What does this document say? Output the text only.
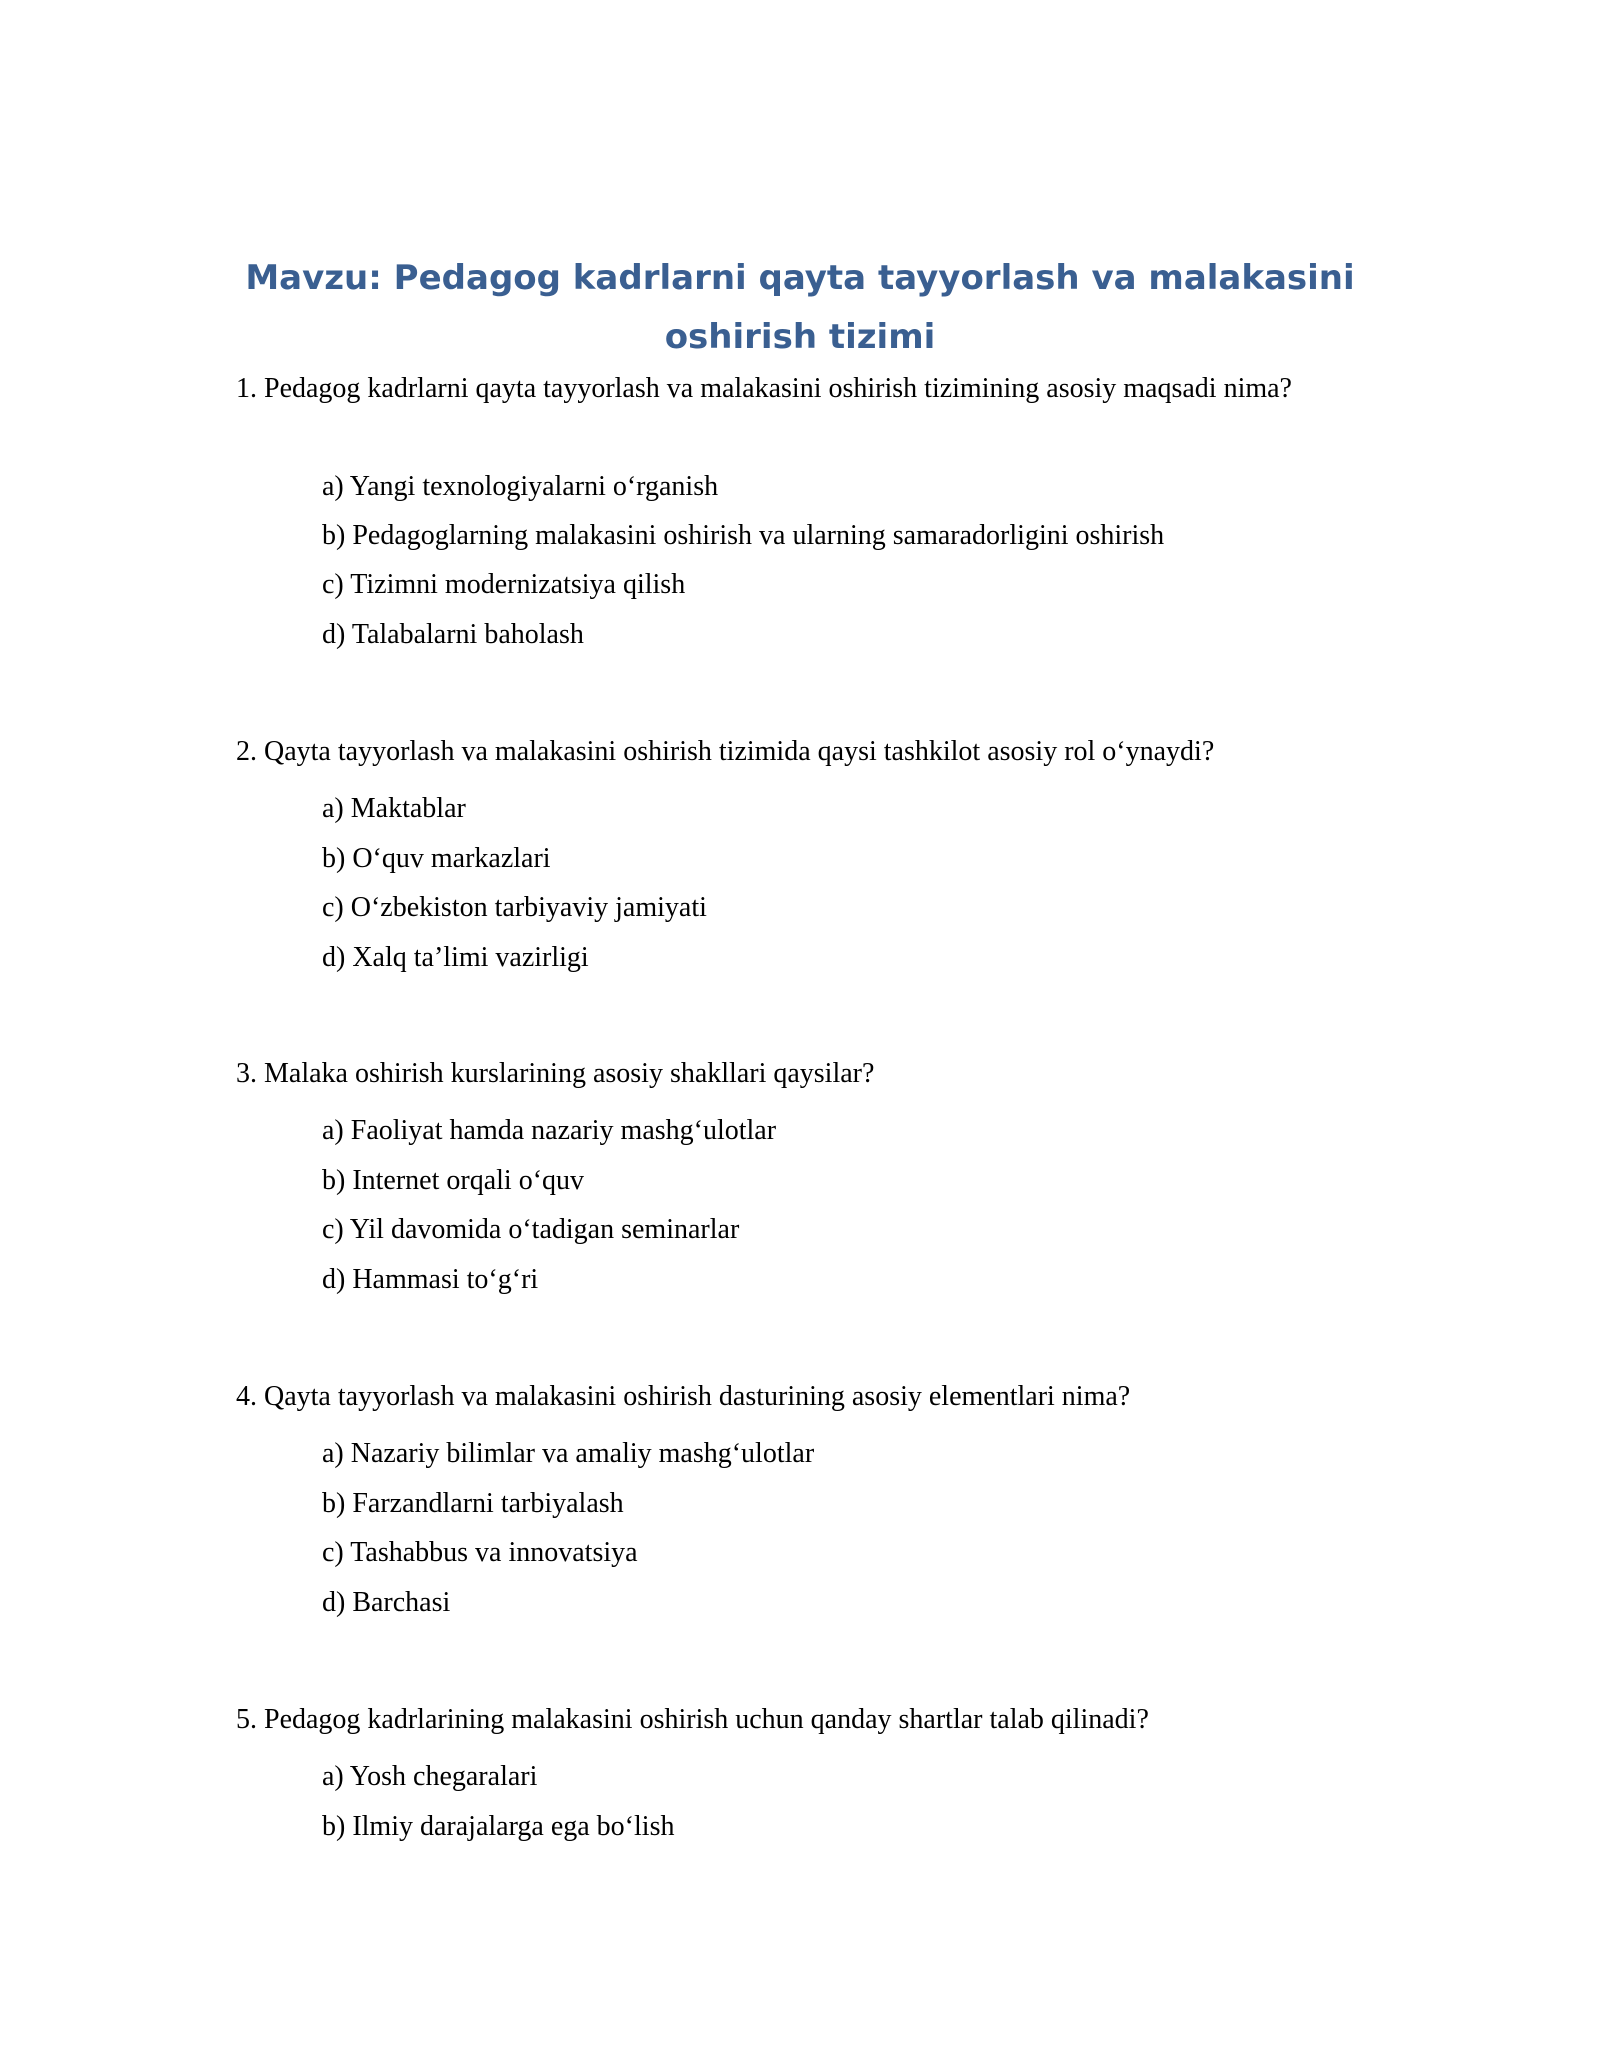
Mavzu: Pedagog kadrlarni qayta tayyorlash va malakasini
oshirish tizimi

1. Pedagog kadrlarni qayta tayyorlash va malakasini oshirish tizimining asosiy maqsadi nima?

a) Yangi texnologiyalarni o‘rganish

b) Pedagoglarning malakasini oshirish va ularning samaradorligini oshirish

c) Tizimni modernizatsiya qilish

d) Talabalarni baholash

2. Qayta tayyorlash va malakasini oshirish tizimida qaysi tashkilot asosiy rol o‘ynaydi?

a) Maktablar

b) O‘quv markazlari

c) O‘zbekiston tarbiyaviy jamiyati

d) Xalq ta’limi vazirligi

3. Malaka oshirish kurslarining asosiy shakllari qaysilar?

a) Faoliyat hamda nazariy mashg‘ulotlar

b) Internet orqali o‘quv

c) Yil davomida o‘tadigan seminarlar

d) Hammasi to‘g‘ri

4. Qayta tayyorlash va malakasini oshirish dasturining asosiy elementlari nima?

a) Nazariy bilimlar va amaliy mashg‘ulotlar

b) Farzandlarni tarbiyalash

c) Tashabbus va innovatsiya

d) Barchasi

5. Pedagog kadrlarining malakasini oshirish uchun qanday shartlar talab qilinadi?

a) Yosh chegaralari

b) Ilmiy darajalarga ega bo‘lish
